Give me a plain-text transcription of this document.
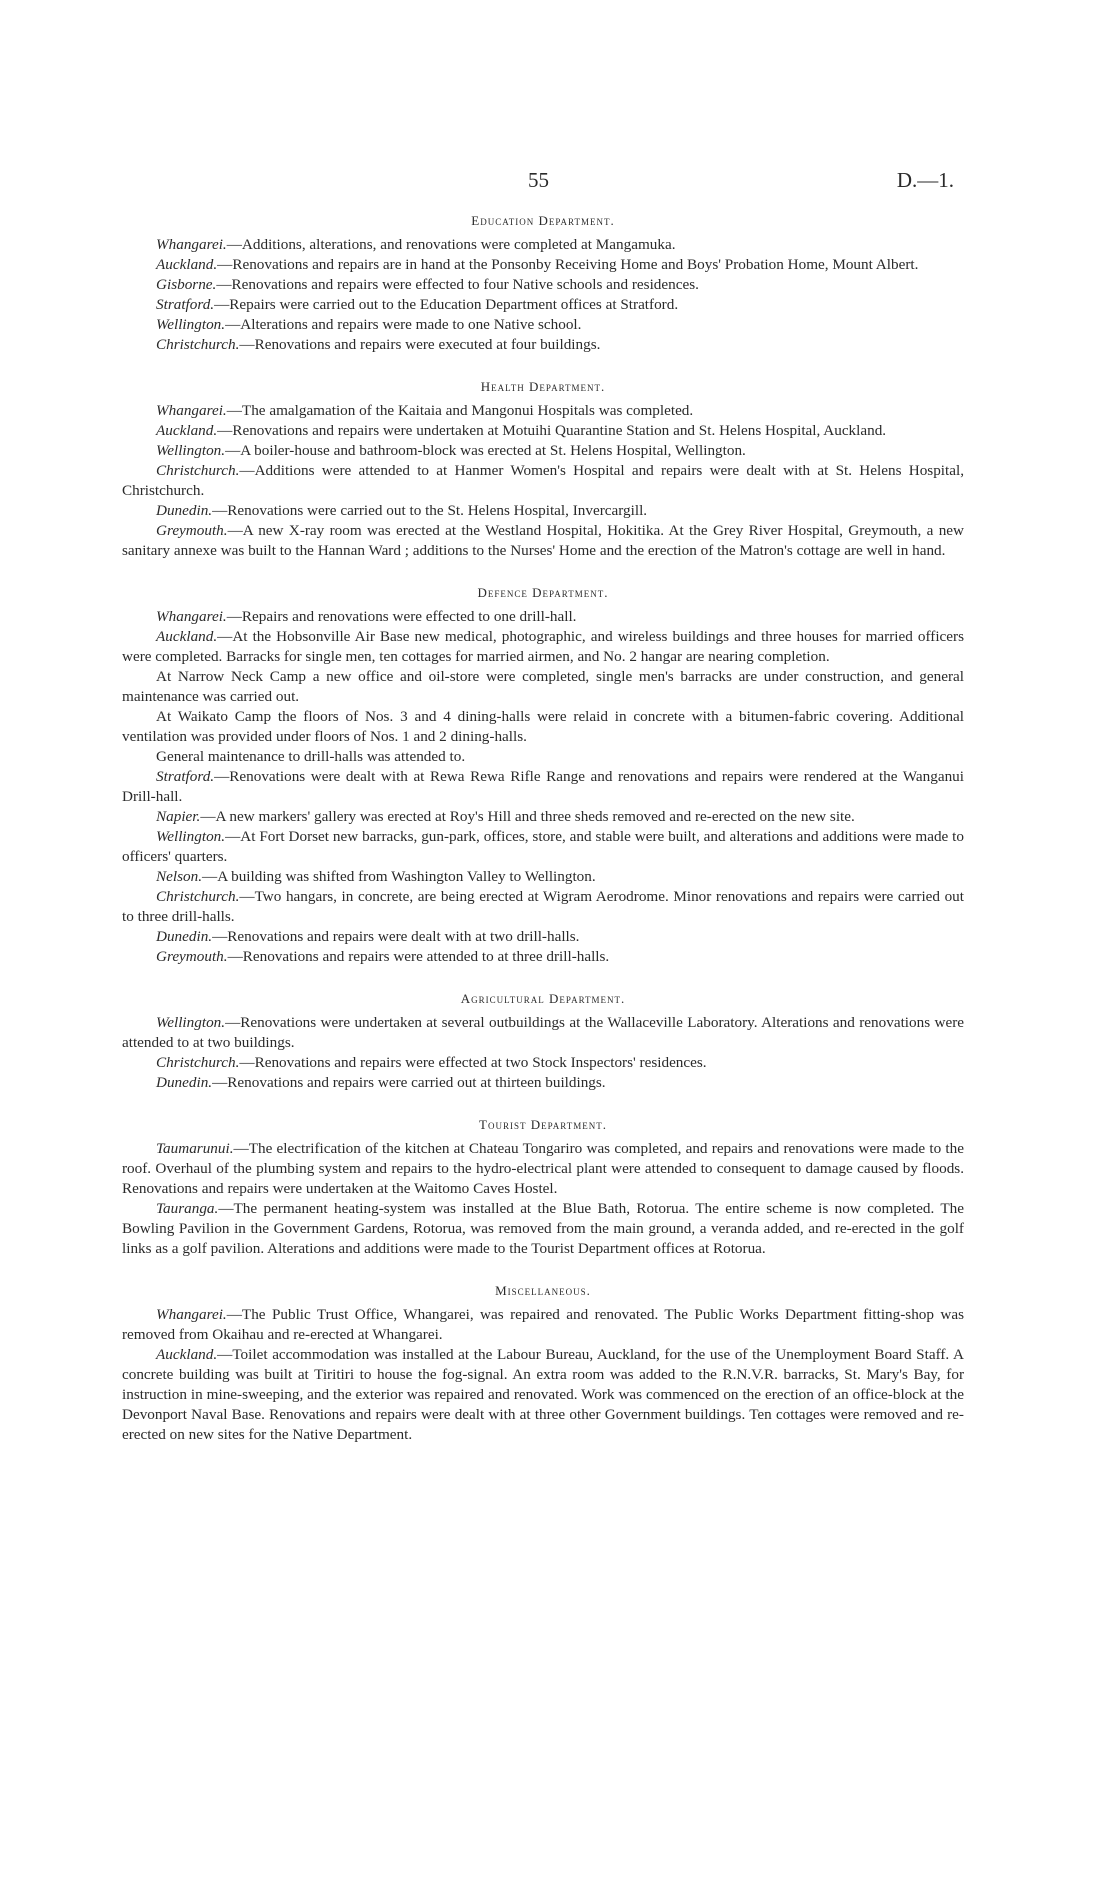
55	D.—1.
Education Department.

Whangarei.—Additions, alterations, and renovations were completed at Mangamuka.

Auckland.—Renovations and repairs are in hand at the Ponsonby Receiving Home and Boys' Probation Home, Mount Albert.

Gisborne.—Renovations and repairs were effected to four Native schools and residences.

Stratford.—Repairs were carried out to the Education Department offices at Stratford.

Wellington.—Alterations and repairs were made to one Native school.

Christchurch.—Renovations and repairs were executed at four buildings.

Health Department.

Whangarei.—The amalgamation of the Kaitaia and Mangonui Hospitals was completed.

Auckland.—Renovations and repairs were undertaken at Motuihi Quarantine Station and St. Helens Hospital, Auckland.

Wellington.—A boiler-house and bathroom-block was erected at St. Helens Hospital, Wellington.

Christchurch.—Additions were attended to at Hanmer Women's Hospital and repairs were dealt with at St. Helens Hospital, Christchurch.

Dunedin.—Renovations were carried out to the St. Helens Hospital, Invercargill.

Greymouth.—A new X-ray room was erected at the Westland Hospital, Hokitika. At the Grey River Hospital, Greymouth, a new sanitary annexe was built to the Hannan Ward ; additions to the Nurses' Home and the erection of the Matron's cottage are well in hand.

Defence Department.

Whangarei.—Repairs and renovations were effected to one drill-hall.

Auckland.—At the Hobsonville Air Base new medical, photographic, and wireless buildings and three houses for married officers were completed. Barracks for single men, ten cottages for married airmen, and No. 2 hangar are nearing completion.

At Narrow Neck Camp a new office and oil-store were completed, single men's barracks are under construction, and general maintenance was carried out.

At Waikato Camp the floors of Nos. 3 and 4 dining-halls were relaid in concrete with a bitumen-fabric covering. Additional ventilation was provided under floors of Nos. 1 and 2 dining-halls.

General maintenance to drill-halls was attended to.

Stratford.—Renovations were dealt with at Rewa Rewa Rifle Range and renovations and repairs were rendered at the Wanganui Drill-hall.

Napier.—A new markers' gallery was erected at Roy's Hill and three sheds removed and re-erected on the new site.

Wellington.—At Fort Dorset new barracks, gun-park, offices, store, and stable were built, and alterations and additions were made to officers' quarters.

Nelson.—A building was shifted from Washington Valley to Wellington.

Christchurch.—Two hangars, in concrete, are being erected at Wigram Aerodrome. Minor renovations and repairs were carried out to three drill-halls.

Dunedin.—Renovations and repairs were dealt with at two drill-halls.

Greymouth.—Renovations and repairs were attended to at three drill-halls.

Agricultural Department.

Wellington.—Renovations were undertaken at several outbuildings at the Wallaceville Laboratory. Alterations and renovations were attended to at two buildings.

Christchurch.—Renovations and repairs were effected at two Stock Inspectors' residences.

Dunedin.—Renovations and repairs were carried out at thirteen buildings.

Tourist Department.

Taumarunui.—The electrification of the kitchen at Chateau Tongariro was completed, and repairs and renovations were made to the roof. Overhaul of the plumbing system and repairs to the hydro-electrical plant were attended to consequent to damage caused by floods. Renovations and repairs were undertaken at the Waitomo Caves Hostel.

Tauranga.—The permanent heating-system was installed at the Blue Bath, Rotorua. The entire scheme is now completed. The Bowling Pavilion in the Government Gardens, Rotorua, was removed from the main ground, a veranda added, and re-erected in the golf links as a golf pavilion. Alterations and additions were made to the Tourist Department offices at Rotorua.

Miscellaneous.

Whangarei.—The Public Trust Office, Whangarei, was repaired and renovated. The Public Works Department fitting-shop was removed from Okaihau and re-erected at Whangarei.

Auckland.—Toilet accommodation was installed at the Labour Bureau, Auckland, for the use of the Unemployment Board Staff. A concrete building was built at Tiritiri to house the fog-signal. An extra room was added to the R.N.V.R. barracks, St. Mary's Bay, for instruction in mine-sweeping, and the exterior was repaired and renovated. Work was commenced on the erection of an office-block at the Devonport Naval Base. Renovations and repairs were dealt with at three other Government buildings. Ten cottages were removed and re-erected on new sites for the Native Department.
